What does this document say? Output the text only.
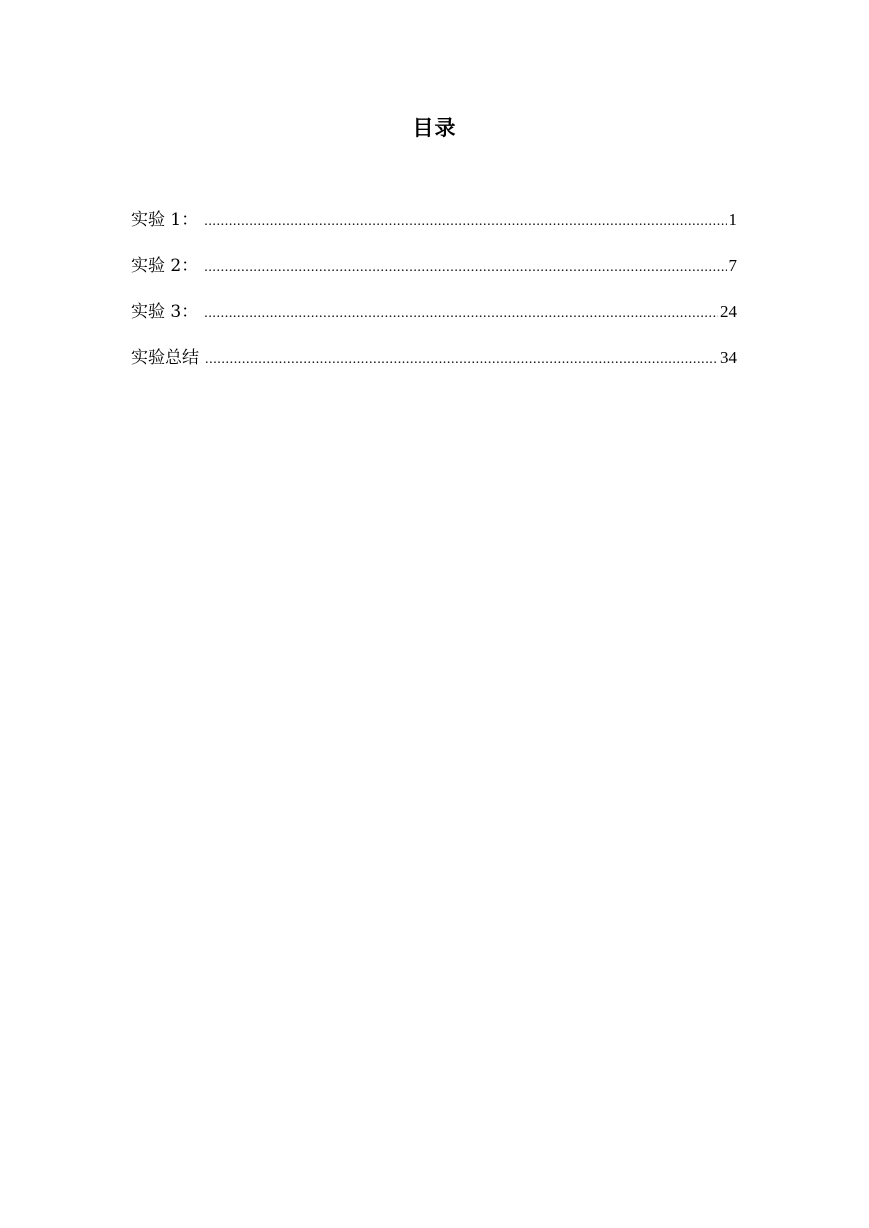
目录
实验 1： .....	1
实验 2： .....	7
实验 3： .....	24
实验总结 .....	34
